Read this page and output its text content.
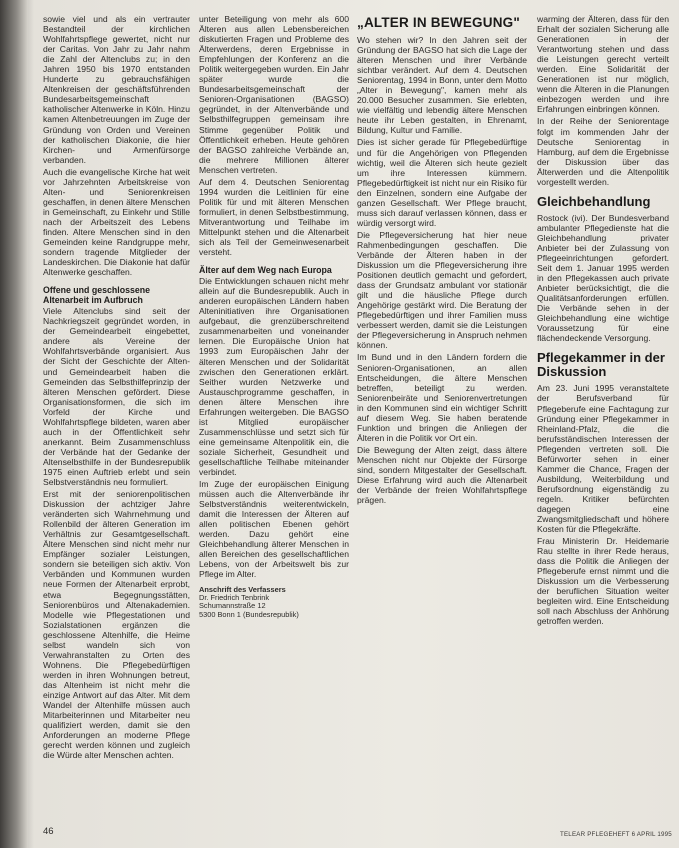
sowie viel und als ein vertrauter Bestandteil der kirchlichen Wohlfahrtspflege gewertet, nicht nur der Caritas. Von Jahr zu Jahr nahm die Zahl der Altenclubs zu; in den Jahren 1950 bis 1970 entstanden Hunderte zu gebrauchsfähigen Altenkreisen der geschäftsführenden Bundesarbeitsgemeinschaft katholischer Altenwerke in Köln. Hinzu kamen Altenbetreuungen im Zuge der Gründung von Orden und Vereinen der katholischen Diakonie, die hier Kirchen- und Armenfürsorge verbanden.

Auch die evangelische Kirche hat weit vor Jahrzehnten Arbeitskreise von Alten- und Seniorenkreisen geschaffen, in denen ältere Menschen in Gemeinschaft, zu Einkehr und Stille nach der Arbeitszeit des Lebens finden. Altere Menschen sind in den Gemeinden keine Randgruppe mehr, sondern tragende Mitglieder der Landeskirchen. Die Diakonie hat dafür Altenwerke geschaffen.

Offene und geschlossene Altenarbeit im Aufbruch

Viele Altenclubs sind seit der Nachkriegszeit gegründet worden, in der Gemeindearbeit eingebettet, andere als Vereine der Wohlfahrtsverbände organisiert. Aus der Sicht der Geschichte der Alten- und Gemeindearbeit haben die Gemeinden das Selbsthilfeprinzip der älteren Menschen gefördert. Diese Organisationsformen, die sich im Vorfeld der Kirche und Wohlfahrtspflege bildeten, waren aber auch in der Öffentlichkeit sehr anerkannt. Beim Zusammenschluss der Verbände hat der Gedanke der Altenselbsthilfe in der Bundesrepublik 1975 einen Auftrieb erlebt und sein Selbstverständnis neu formuliert.

Erst mit der seniorenpolitischen Diskussion der achtziger Jahre veränderten sich Wahrnehmung und Rollenbild der älteren Generation im Verhältnis zur Gesamtgesellschaft. Ältere Menschen sind nicht mehr nur Empfänger sozialer Leistungen, sondern sie beteiligen sich aktiv. Von Verbänden und Kommunen wurden neue Formen der Altenarbeit erprobt, etwa Begegnungsstätten, Seniorenbüros und Altenakademien. Modelle wie Pflegestationen und Sozialstationen ergänzen die geschlossene Altenhilfe, die Heime selbst wandeln sich von Verwahranstalten zu Orten des Wohnens. Die Pflegebedürftigen werden in ihren Wohnungen betreut, das Altenheim ist nicht mehr die einzige Antwort auf das Alter. Mit dem Wandel der Altenhilfe müssen auch Mitarbeiterinnen und Mitarbeiter neu qualifiziert werden, damit sie den Anforderungen an moderne Pflege gerecht werden können und zugleich die Würde alter Menschen achten.

unter Beteiligung von mehr als 600 Älteren aus allen Lebensbereichen diskutierten Fragen und Probleme des Älterwerdens, deren Ergebnisse in Empfehlungen der Konferenz an die Politik weitergegeben wurden. Ein Jahr später wurde die Bundesarbeitsgemeinschaft der Senioren-Organisationen (BAGSO) gegründet, in der Altenverbände und Selbsthilfegruppen gemeinsam ihre Stimme gegenüber Politik und Öffentlichkeit erheben. Heute gehören der BAGSO zahlreiche Verbände an, die mehrere Millionen älterer Menschen vertreten.

Auf dem 4. Deutschen Seniorentag 1994 wurden die Leitlinien für eine Politik für und mit älteren Menschen formuliert, in denen Selbstbestimmung, Mitverantwortung und Teilhabe im Mittelpunkt stehen und die Altenarbeit sich als Teil der Gemeinwesenarbeit versteht.

Älter auf dem Weg nach Europa

Die Entwicklungen schauen nicht mehr allein auf die Bundesrepublik. Auch in anderen europäischen Ländern haben Alteninitiativen ihre Organisationen aufgebaut, die grenzüberschreitend zusammenarbeiten und voneinander lernen. Die Europäische Union hat 1993 zum Europäischen Jahr der älteren Menschen und der Solidarität zwischen den Generationen erklärt. Seither wurden Netzwerke und Austauschprogramme geschaffen, in denen ältere Menschen ihre Erfahrungen weitergeben. Die BAGSO ist Mitglied europäischer Zusammenschlüsse und setzt sich für eine gemeinsame Altenpolitik ein, die soziale Sicherheit, Gesundheit und gesellschaftliche Teilhabe miteinander verbindet.

Im Zuge der europäischen Einigung müssen auch die Altenverbände ihr Selbstverständnis weiterentwickeln, damit die Interessen der Älteren auf allen politischen Ebenen gehört werden. Dazu gehört eine Gleichbehandlung älterer Menschen in allen Bereichen des gesellschaftlichen Lebens, von der Arbeitswelt bis zur Pflege im Alter.

Anschrift des Verfassers
Dr. Friedrich Tenbrink
Schumannstraße 12
5300 Bonn 1 (Bundesrepublik)
„ALTER IN BEWEGUNG"

Wo stehen wir? In den Jahren seit der Gründung der BAGSO hat sich die Lage der älteren Menschen und ihrer Verbände sichtbar verändert. Auf dem 4. Deutschen Seniorentag, 1994 in Bonn, unter dem Motto „Alter in Bewegung", kamen mehr als 20.000 Besucher zusammen. Sie erlebten, wie vielfältig und lebendig ältere Menschen heute ihr Leben gestalten, in Ehrenamt, Bildung, Kultur und Familie.

Dies ist sicher gerade für Pflegebedürftige und für die Angehörigen von Pflegenden wichtig, weil die Älteren sich heute gezielt um ihre Interessen kümmern. Pflegebedürftigkeit ist nicht nur ein Risiko für den Einzelnen, sondern eine Aufgabe der ganzen Gesellschaft. Wer Pflege braucht, muss sich darauf verlassen können, dass er würdig versorgt wird.

Die Pflegeversicherung hat hier neue Rahmenbedingungen geschaffen. Die Verbände der Älteren haben in der Diskussion um die Pflegeversicherung ihre Positionen deutlich gemacht und gefordert, dass der Grundsatz ambulant vor stationär gilt und die häusliche Pflege durch Angehörige gestärkt wird. Die Beratung der Pflegebedürftigen und ihrer Familien muss verbessert werden, damit sie die Leistungen der Pflegeversicherung in Anspruch nehmen können.

Im Bund und in den Ländern fordern die Senioren-Organisationen, an allen Entscheidungen, die ältere Menschen betreffen, beteiligt zu werden. Seniorenbeiräte und Seniorenvertretungen in den Kommunen sind ein wichtiger Schritt auf diesem Weg. Sie haben beratende Funktion und bringen die Anliegen der Älteren in die Politik vor Ort ein.

Die Bewegung der Alten zeigt, dass ältere Menschen nicht nur Objekte der Fürsorge sind, sondern Mitgestalter der Gesellschaft. Diese Erfahrung wird auch die Altenarbeit der Verbände der freien Wohlfahrtspflege prägen.

warming der Älteren, dass für den Erhalt der sozialen Sicherung alle Generationen in der Verantwortung stehen und dass die Leistungen gerecht verteilt werden. Eine Solidarität der Generationen ist nur möglich, wenn die Älteren in die Planungen einbezogen werden und ihre Erfahrungen einbringen können.

In der Reihe der Seniorentage folgt im kommenden Jahr der Deutsche Seniorentag in Hamburg, auf dem die Ergebnisse der Diskussion über das Älterwerden und die Altenpolitik vorgestellt werden.

Gleichbehandlung

Rostock (ivi). Der Bundesverband ambulanter Pflegedienste hat die Gleichbehandlung privater Anbieter bei der Zulassung von Pflegeeinrichtungen gefordert. Seit dem 1. Januar 1995 werden in den Pflegekassen auch private Anbieter berücksichtigt, die die Qualitätsanforderungen erfüllen. Die Verbände sehen in der Gleichbehandlung eine wichtige Voraussetzung für eine flächendeckende Versorgung.

Pflegekammer in der Diskussion

Am 23. Juni 1995 veranstaltete der Berufsverband für Pflegeberufe eine Fachtagung zur Gründung einer Pflegekammer in Rheinland-Pfalz, die die berufsständischen Interessen der Pflegenden vertreten soll. Die Befürworter sehen in einer Kammer die Chance, Fragen der Ausbildung, Weiterbildung und Berufsordnung eigenständig zu regeln. Kritiker befürchten dagegen eine Zwangsmitgliedschaft und höhere Kosten für die Pflegekräfte.

Frau Ministerin Dr. Heidemarie Rau stellte in ihrer Rede heraus, dass die Politik die Anliegen der Pflegeberufe ernst nimmt und die Diskussion um die Verbesserung der beruflichen Situation weiter begleiten wird. Eine Entscheidung soll nach Abschluss der Anhörung getroffen werden.

46	TELEAR PFLEGEHEFT 6 APRIL 1995
